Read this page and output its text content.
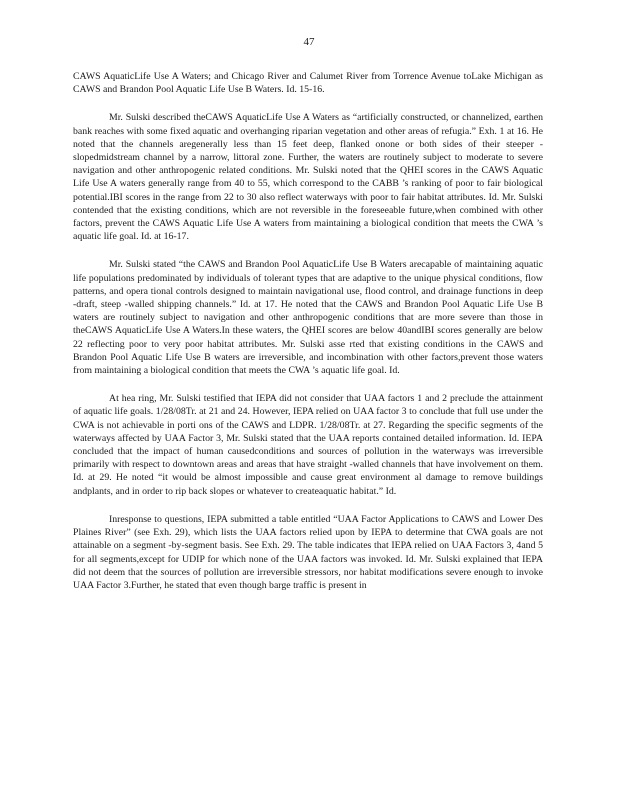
47

CAWS AquaticLife Use A Waters; and Chicago River and Calumet River from Torrence Avenue toLake Michigan as CAWS and Brandon Pool Aquatic Life Use B Waters. Id. 15-16.

Mr. Sulski described theCAWS AquaticLife Use A Waters as “artificially constructed, or channelized, earthen bank reaches with some fixed aquatic and overhanging riparian vegetation and other areas of refugia.” Exh. 1 at 16. He noted that the channels aregenerally less than 15 feet deep, flanked onone or both sides of their steeper -slopedmidstream channel by a narrow, littoral zone. Further, the waters are routinely subject to moderate to severe navigation and other anthropogenic related conditions. Mr. Sulski noted that the QHEI scores in the CAWS Aquatic Life Use A waters generally range from 40 to 55, which correspond to the CABB ’s ranking of poor to fair biological potential.IBI scores in the range from 22 to 30 also reflect waterways with poor to fair habitat attributes. Id. Mr. Sulski contended that the existing conditions, which are not reversible in the foreseeable future,when combined with other factors, prevent the CAWS Aquatic Life Use A waters from maintaining a biological condition that meets the CWA ’s aquatic life goal. Id. at 16-17.

Mr. Sulski stated “the CAWS and Brandon Pool AquaticLife Use B Waters arecapable of maintaining aquatic life populations predominated by individuals of tolerant types that are adaptive to the unique physical conditions, flow patterns, and opera tional controls designed to maintain navigational use, flood control, and drainage functions in deep -draft, steep -walled shipping channels.” Id. at 17. He noted that the CAWS and Brandon Pool Aquatic Life Use B waters are routinely subject to navigation and other anthropogenic conditions that are more severe than those in theCAWS AquaticLife Use A Waters.In these waters, the QHEI scores are below 40andIBI scores generally are below 22 reflecting poor to very poor habitat attributes. Mr. Sulski asse rted that existing conditions in the CAWS and Brandon Pool Aquatic Life Use B waters are irreversible, and incombination with other factors,prevent those waters from maintaining a biological condition that meets the CWA ’s aquatic life goal. Id.

At hea ring, Mr. Sulski testified that IEPA did not consider that UAA factors 1 and 2 preclude the attainment of aquatic life goals. 1/28/08Tr. at 21 and 24. However, IEPA relied on UAA factor 3 to conclude that full use under the CWA is not achievable in porti ons of the CAWS and LDPR. 1/28/08Tr. at 27. Regarding the specific segments of the waterways affected by UAA Factor 3, Mr. Sulski stated that the UAA reports contained detailed information. Id. IEPA concluded that the impact of human causedconditions and sources of pollution in the waterways was irreversible primarily with respect to downtown areas and areas that have straight -walled channels that have involvement on them. Id. at 29. He noted “it would be almost impossible and cause great environment al damage to remove buildings andplants, and in order to rip back slopes or whatever to createaquatic habitat.” Id.

Inresponse to questions, IEPA submitted a table entitled “UAA Factor Applications to CAWS and Lower Des Plaines River” (see Exh. 29), which lists the UAA factors relied upon by IEPA to determine that CWA goals are not attainable on a segment -by-segment basis. See Exh. 29. The table indicates that IEPA relied on UAA Factors 3, 4and 5 for all segments,except for UDIP for which none of the UAA factors was invoked. Id. Mr. Sulski explained that IEPA did not deem that the sources of pollution are irreversible stressors, nor habitat modifications severe enough to invoke UAA Factor 3.Further, he stated that even though barge traffic is present in
